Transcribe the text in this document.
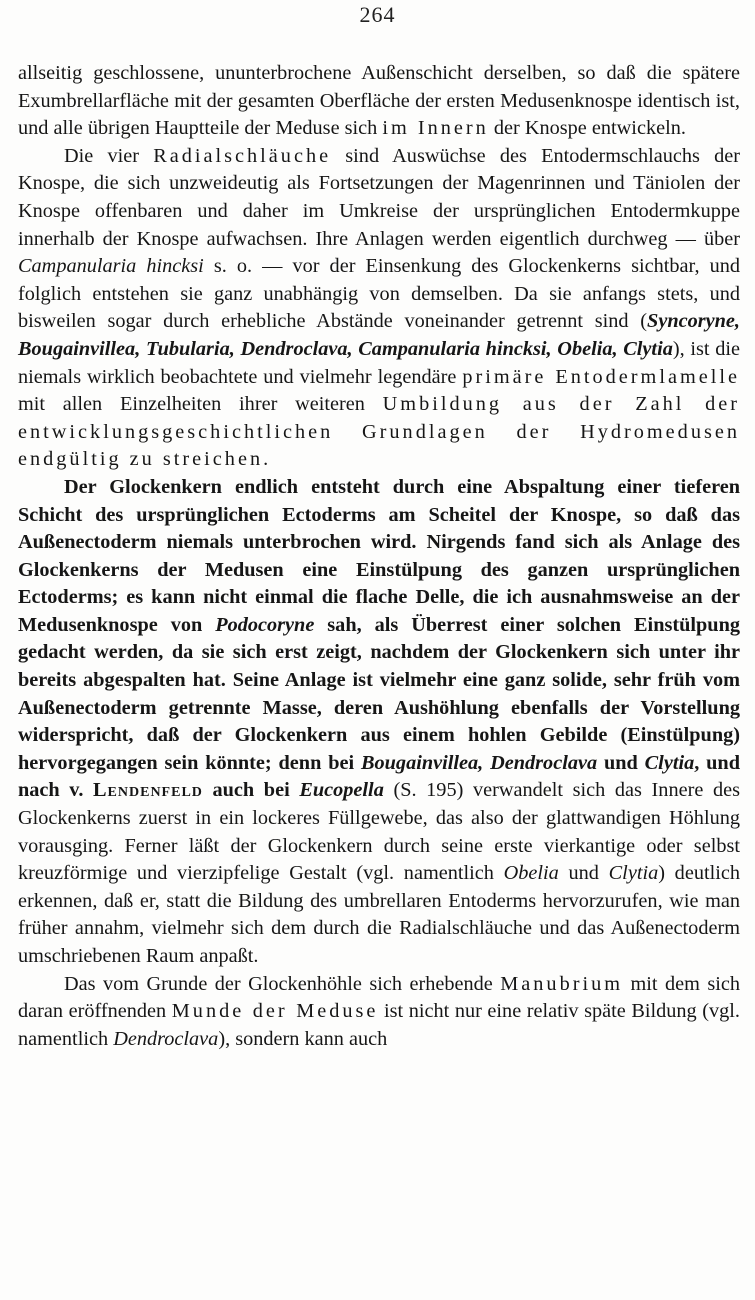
264

allseitig geschlossene, ununterbrochene Außenschicht derselben, so daß die spätere Exumbrellarfläche mit der gesamten Oberfläche der ersten Medusenknospe identisch ist, und alle übrigen Hauptteile der Meduse sich im Innern der Knospe entwickeln.

Die vier Radialschläuche sind Auswüchse des Entodermschlauchs der Knospe, die sich unzweideutig als Fortsetzungen der Magenrinnen und Täniolen der Knospe offenbaren und daher im Umkreise der ursprünglichen Entodermkuppe innerhalb der Knospe aufwachsen. Ihre Anlagen werden eigentlich durchweg — über Campanularia hincksi s. o. — vor der Einsenkung des Glockenkerns sichtbar, und folglich entstehen sie ganz unabhängig von demselben. Da sie anfangs stets, und bisweilen sogar durch erhebliche Abstände voneinander getrennt sind (Syncoryne, Bougainvillea, Tubularia, Dendroclava, Campanularia hincksi, Obelia, Clytia), ist die niemals wirklich beobachtete und vielmehr legendäre primäre Entodermlamelle mit allen Einzelheiten ihrer weiteren Umbildung aus der Zahl der entwicklungsgeschichtlichen Grundlagen der Hydromedusen endgültig zu streichen.

Der Glockenkern endlich entsteht durch eine Abspaltung einer tieferen Schicht des ursprünglichen Ectoderms am Scheitel der Knospe, so daß das Außenectoderm niemals unterbrochen wird. Nirgends fand sich als Anlage des Glockenkerns der Medusen eine Einstülpung des ganzen ursprünglichen Ectoderms; es kann nicht einmal die flache Delle, die ich ausnahmsweise an der Medusenknospe von Podocoryne sah, als Überrest einer solchen Einstülpung gedacht werden, da sie sich erst zeigt, nachdem der Glockenkern sich unter ihr bereits abgespalten hat. Seine Anlage ist vielmehr eine ganz solide, sehr früh vom Außenectoderm getrennte Masse, deren Aushöhlung ebenfalls der Vorstellung widerspricht, daß der Glockenkern aus einem hohlen Gebilde (Einstülpung) hervorgegangen sein könnte; denn bei Bougainvillea, Dendroclava und Clytia, und nach v. Lendenfeld auch bei Eucopella (S. 195) verwandelt sich das Innere des Glockenkerns zuerst in ein lockeres Füllgewebe, das also der glattwandigen Höhlung vorausging. Ferner läßt der Glockenkern durch seine erste vierkantige oder selbst kreuzförmige und vierzipfelige Gestalt (vgl. namentlich Obelia und Clytia) deutlich erkennen, daß er, statt die Bildung des umbrellaren Entoderms hervorzurufen, wie man früher annahm, vielmehr sich dem durch die Radialschläuche und das Außenectoderm umschriebenen Raum anpaßt.

Das vom Grunde der Glockenhöhle sich erhebende Manubrium mit dem sich daran eröffnenden Munde der Meduse ist nicht nur eine relativ späte Bildung (vgl. namentlich Dendroclava), sondern kann auch
